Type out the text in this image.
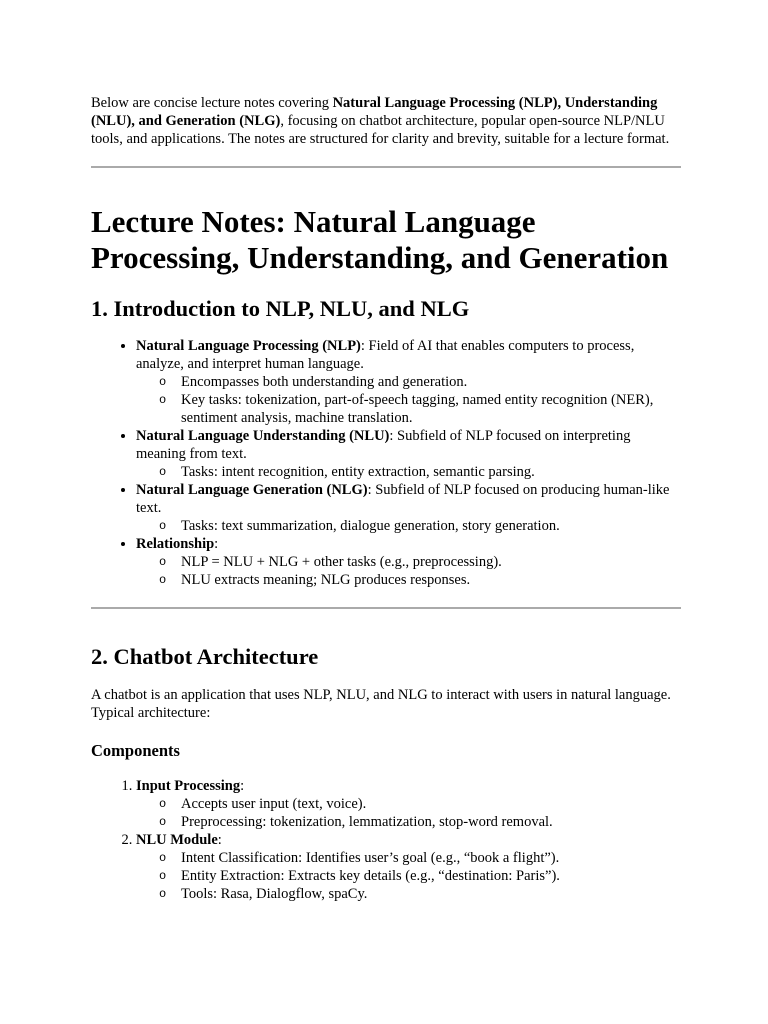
Below are concise lecture notes covering Natural Language Processing (NLP), Understanding (NLU), and Generation (NLG), focusing on chatbot architecture, popular open-source NLP/NLU tools, and applications. The notes are structured for clarity and brevity, suitable for a lecture format.

Lecture Notes: Natural Language Processing, Understanding, and Generation
1. Introduction to NLP, NLU, and NLG
• Natural Language Processing (NLP): Field of AI that enables computers to process, analyze, and interpret human language.
o Encompasses both understanding and generation.
o Key tasks: tokenization, part-of-speech tagging, named entity recognition (NER), sentiment analysis, machine translation.
• Natural Language Understanding (NLU): Subfield of NLP focused on interpreting meaning from text.
o Tasks: intent recognition, entity extraction, semantic parsing.
• Natural Language Generation (NLG): Subfield of NLP focused on producing human-like text.
o Tasks: text summarization, dialogue generation, story generation.
• Relationship:
o NLP = NLU + NLG + other tasks (e.g., preprocessing).
o NLU extracts meaning; NLG produces responses.
2. Chatbot Architecture

A chatbot is an application that uses NLP, NLU, and NLG to interact with users in natural language. Typical architecture:

Components
1. Input Processing:
o Accepts user input (text, voice).
o Preprocessing: tokenization, lemmatization, stop-word removal.
2. NLU Module:
o Intent Classification: Identifies user’s goal (e.g., “book a flight”).
o Entity Extraction: Extracts key details (e.g., “destination: Paris”).
o Tools: Rasa, Dialogflow, spaCy.
